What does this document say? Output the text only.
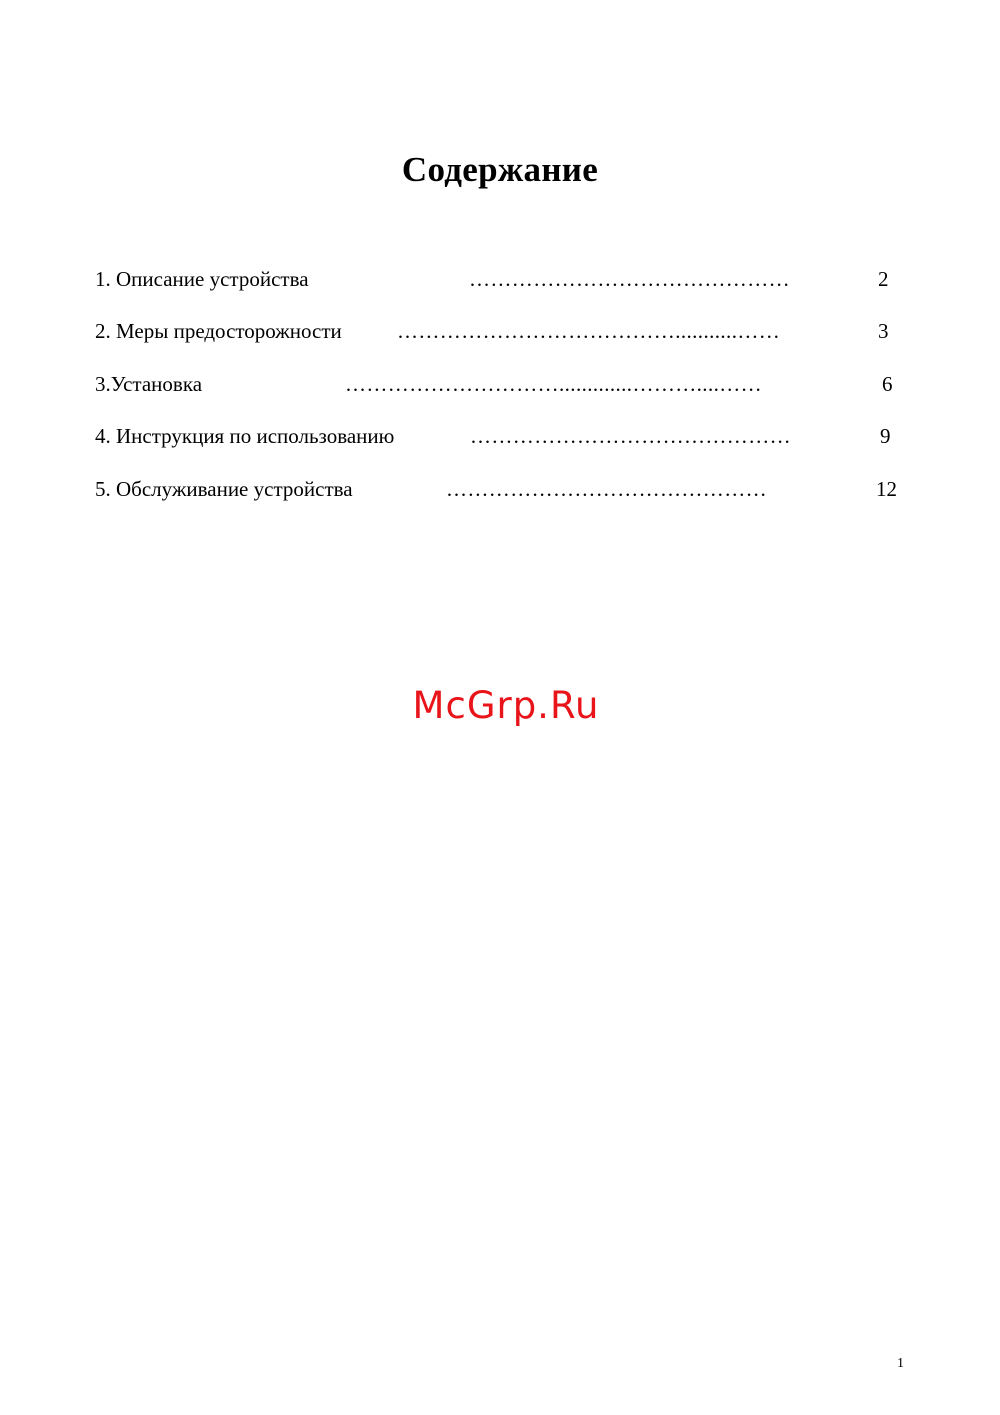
Содержание
1. Описание устройства	………………………………………	2
2. Меры предосторожности	…………………………………...........……	3
3.Установка	………………………….............………....……	6
4. Инструкция по использованию	………………………………………	9
5. Обслуживание устройства	………………………………………	12
McGrp.Ru
1
